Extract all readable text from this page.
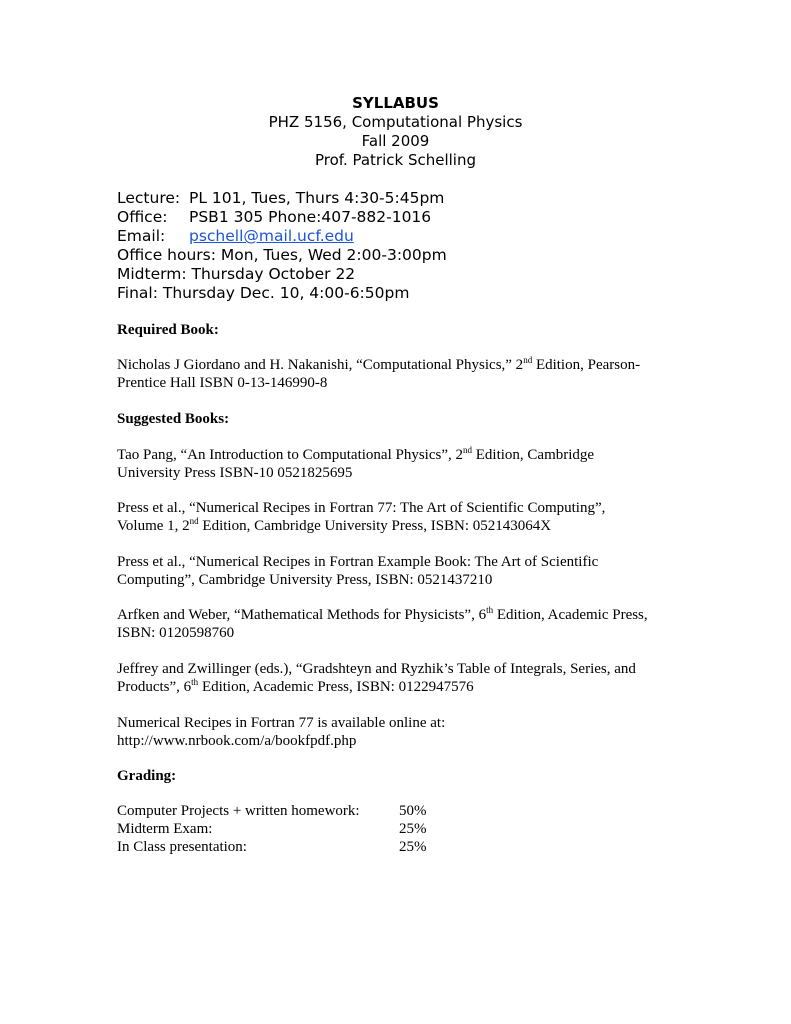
SYLLABUS
PHZ 5156, Computational Physics
Fall 2009
Prof. Patrick Schelling
Lecture: PL 101, Tues, Thurs 4:30-5:45pm
Office: PSB1 305 Phone:407-882-1016
Email: pschell@mail.ucf.edu
Office hours: Mon, Tues, Wed 2:00-3:00pm
Midterm: Thursday October 22
Final: Thursday Dec. 10, 4:00-6:50pm
Required Book:
Nicholas J Giordano and H. Nakanishi, “Computational Physics,” 2nd Edition, Pearson-
Prentice Hall ISBN 0-13-146990-8
Suggested Books:
Tao Pang, “An Introduction to Computational Physics”, 2nd Edition, Cambridge
University Press ISBN-10 0521825695
Press et al., “Numerical Recipes in Fortran 77: The Art of Scientific Computing”,
Volume 1, 2nd Edition, Cambridge University Press, ISBN: 052143064X
Press et al., “Numerical Recipes in Fortran Example Book: The Art of Scientific
Computing”, Cambridge University Press, ISBN: 0521437210
Arfken and Weber, “Mathematical Methods for Physicists”, 6th Edition, Academic Press,
ISBN: 0120598760
Jeffrey and Zwillinger (eds.), “Gradshteyn and Ryzhik’s Table of Integrals, Series, and
Products”, 6th Edition, Academic Press, ISBN: 0122947576
Numerical Recipes in Fortran 77 is available online at:
http://www.nrbook.com/a/bookfpdf.php
Grading:
Computer Projects + written homework:	50%
Midterm Exam:	25%
In Class presentation:	25%
